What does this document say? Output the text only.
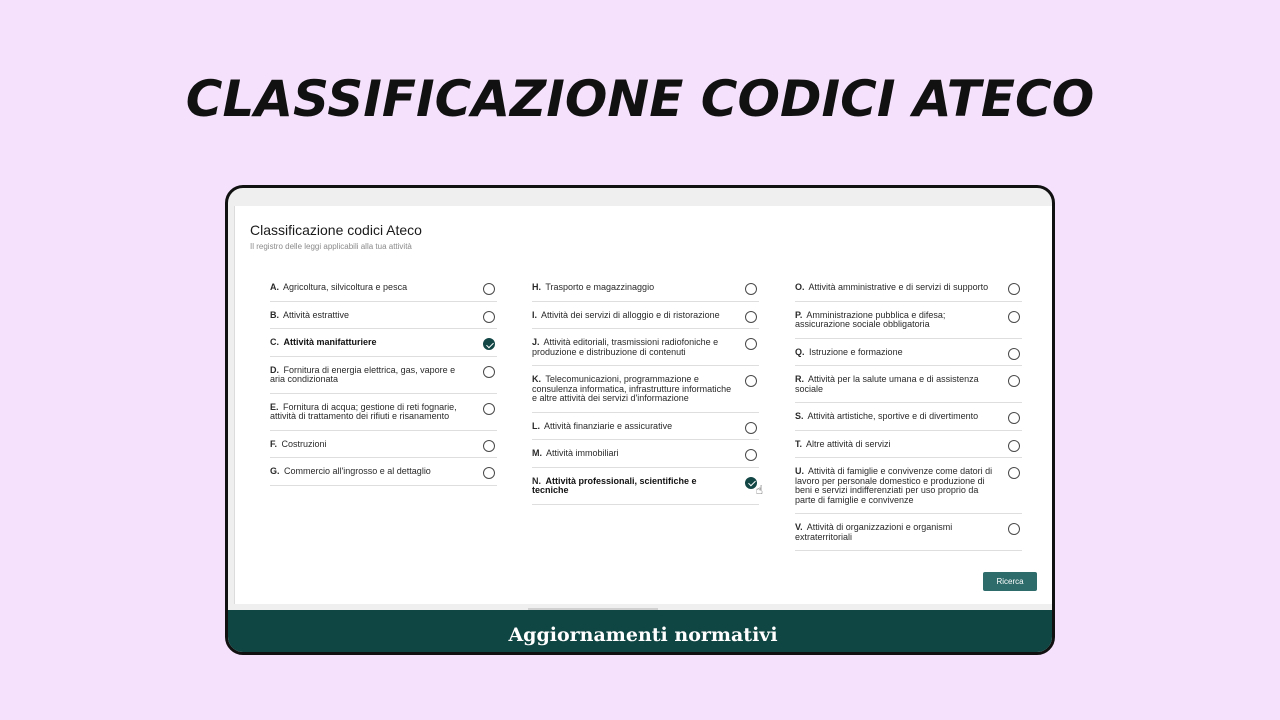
CLASSIFICAZIONE CODICI ATECO
Classificazione codici Ateco
Il registro delle leggi applicabili alla tua attività
A. Agricoltura, silvicoltura e pesca
B. Attività estrattive
C. Attività manifatturiere
D. Fornitura di energia elettrica, gas, vapore e aria condizionata
E. Fornitura di acqua; gestione di reti fognarie, attività di trattamento dei rifiuti e risanamento
F. Costruzioni
G. Commercio all'ingrosso e al dettaglio
H. Trasporto e magazzinaggio
I. Attività dei servizi di alloggio e di ristorazione
J. Attività editoriali, trasmissioni radiofoniche e produzione e distribuzione di contenuti
K. Telecomunicazioni, programmazione e consulenza informatica, infrastrutture informatiche e altre attività dei servizi d'informazione
L. Attività finanziarie e assicurative
M. Attività immobiliari
N. Attività professionali, scientifiche e tecniche	☝
O. Attività amministrative e di servizi di supporto
P. Amministrazione pubblica e difesa; assicurazione sociale obbligatoria
Q. Istruzione e formazione
R. Attività per la salute umana e di assistenza sociale
S. Attività artistiche, sportive e di divertimento
T. Altre attività di servizi
U. Attività di famiglie e convivenze come datori di lavoro per personale domestico e produzione di beni e servizi indifferenziati per uso proprio da parte di famiglie e convivenze
V. Attività di organizzazioni e organismi extraterritoriali
Ricerca
Aggiornamenti normativi
